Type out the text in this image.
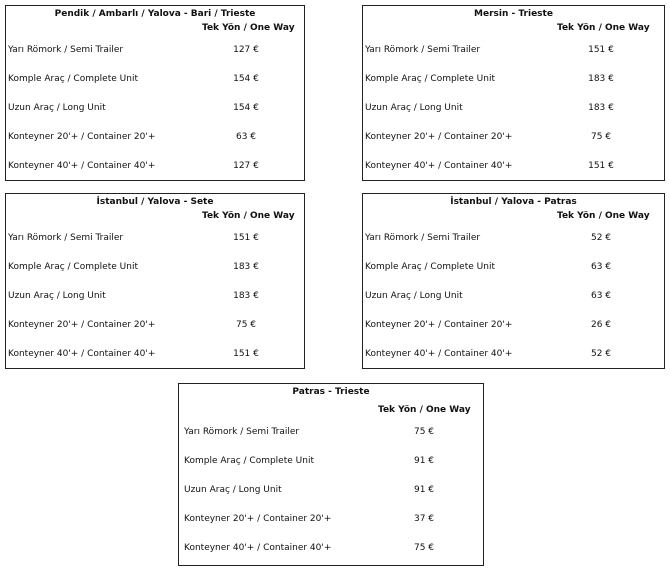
Pendik / Ambarlı / Yalova - Bari / Trieste
Tek Yön / One Way
Yarı Römork / Semi Trailer	127 €
Komple Araç / Complete Unit	154 €
Uzun Araç / Long Unit	154 €
Konteyner 20'+ / Container 20'+	63 €
Konteyner 40'+ / Container 40'+	127 €
Mersin - Trieste
Tek Yön / One Way
Yarı Römork / Semi Trailer	151 €
Komple Araç / Complete Unit	183 €
Uzun Araç / Long Unit	183 €
Konteyner 20'+ / Container 20'+	75 €
Konteyner 40'+ / Container 40'+	151 €
İstanbul / Yalova - Sete
Tek Yön / One Way
Yarı Römork / Semi Trailer	151 €
Komple Araç / Complete Unit	183 €
Uzun Araç / Long Unit	183 €
Konteyner 20'+ / Container 20'+	75 €
Konteyner 40'+ / Container 40'+	151 €
İstanbul / Yalova - Patras
Tek Yön / One Way
Yarı Römork / Semi Trailer	52 €
Komple Araç / Complete Unit	63 €
Uzun Araç / Long Unit	63 €
Konteyner 20'+ / Container 20'+	26 €
Konteyner 40'+ / Container 40'+	52 €
Patras - Trieste
Tek Yön / One Way
Yarı Römork / Semi Trailer	75 €
Komple Araç / Complete Unit	91 €
Uzun Araç / Long Unit	91 €
Konteyner 20'+ / Container 20'+	37 €
Konteyner 40'+ / Container 40'+	75 €
